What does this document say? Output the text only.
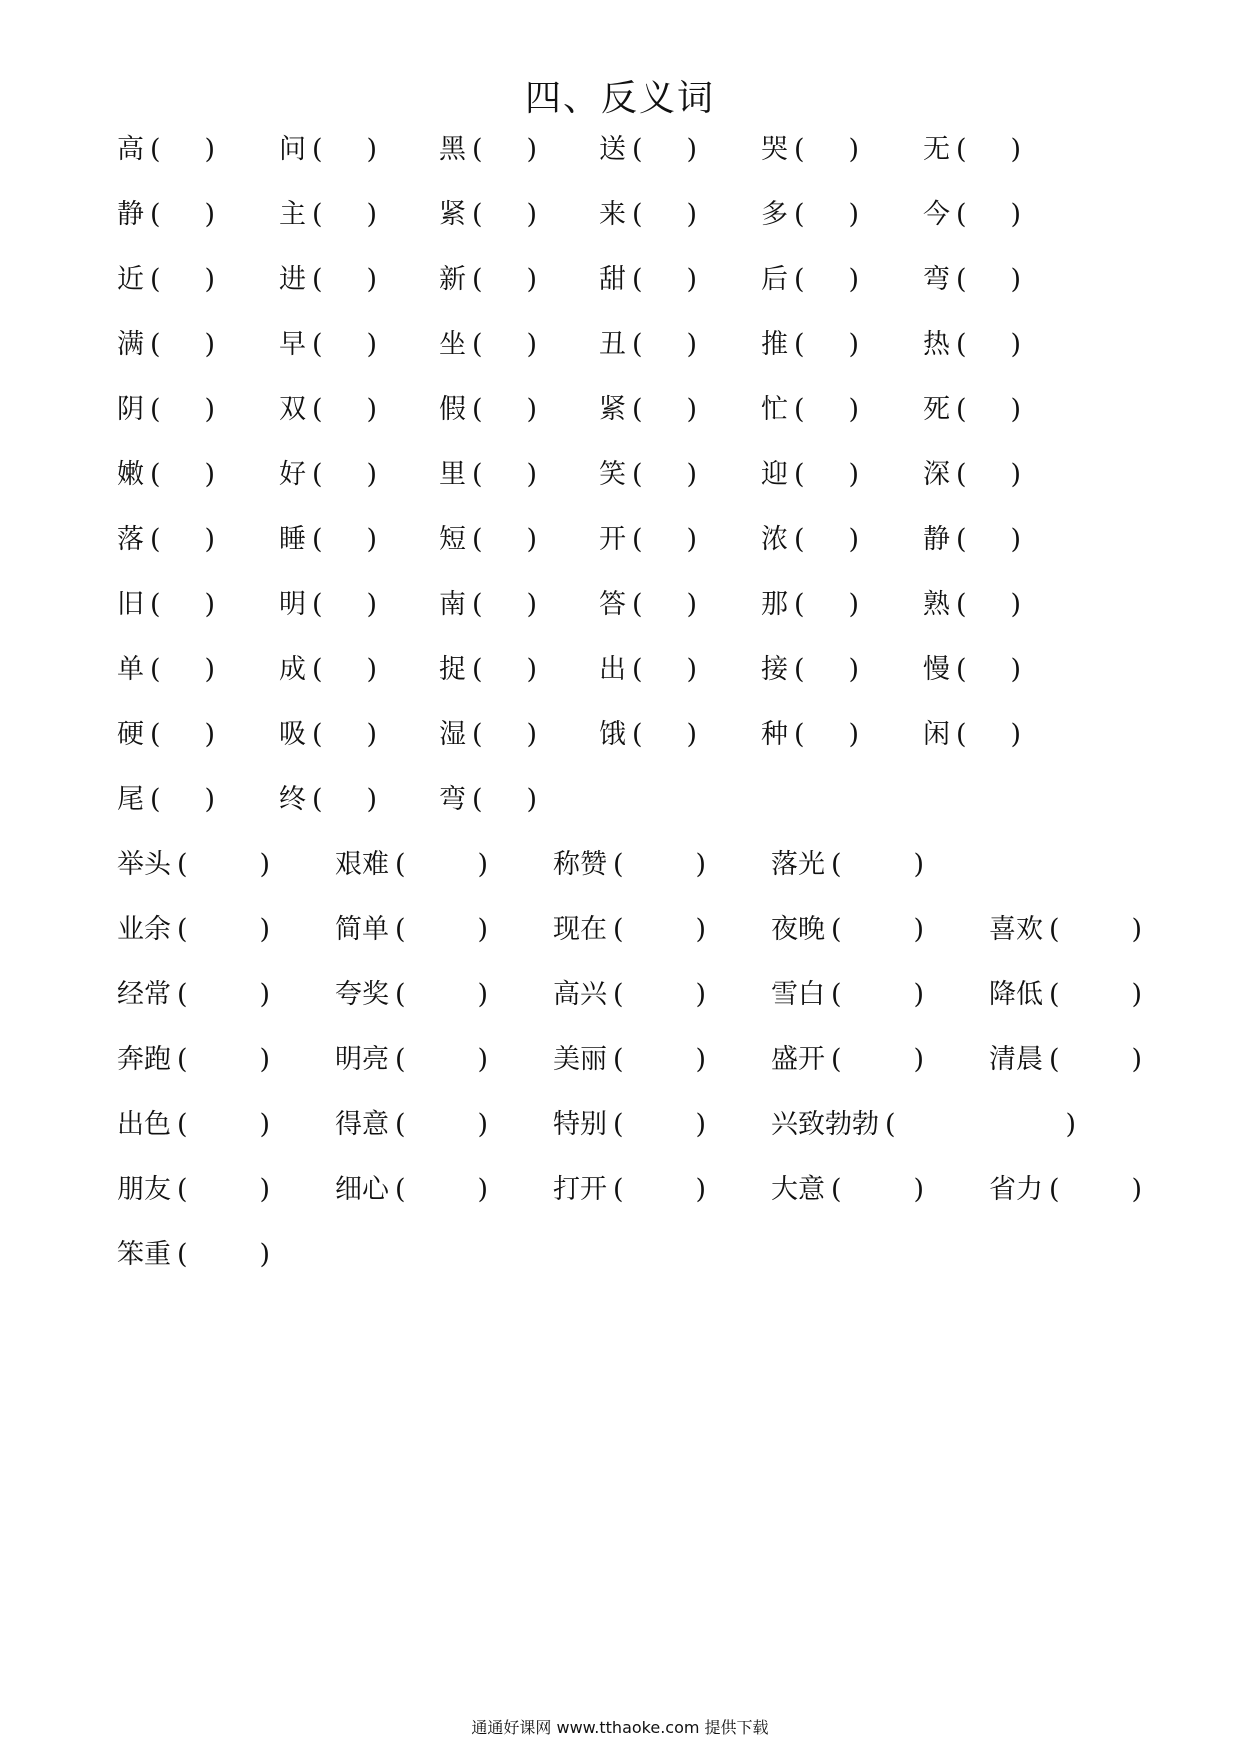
四、反义词
高 ( ) 问 ( ) 黑 ( ) 送 ( ) 哭 ( ) 无 ( )
静 ( ) 主 ( ) 紧 ( ) 来 ( ) 多 ( ) 今 ( )
近 ( ) 进 ( ) 新 ( ) 甜 ( ) 后 ( ) 弯 ( )
满 ( ) 早 ( ) 坐 ( ) 丑 ( ) 推 ( ) 热 ( )
阴 ( ) 双 ( ) 假 ( ) 紧 ( ) 忙 ( ) 死 ( )
嫩 ( ) 好 ( ) 里 ( ) 笑 ( ) 迎 ( ) 深 ( )
落 ( ) 睡 ( ) 短 ( ) 开 ( ) 浓 ( ) 静 ( )
旧 ( ) 明 ( ) 南 ( ) 答 ( ) 那 ( ) 熟 ( )
单 ( ) 成 ( ) 捉 ( ) 出 ( ) 接 ( ) 慢 ( )
硬 ( ) 吸 ( ) 湿 ( ) 饿 ( ) 种 ( ) 闲 ( )
尾 ( ) 终 ( ) 弯 ( )
举头 (	) 艰难 (	) 称赞 (	) 落光 (	)
业余 (	) 简单 (	) 现在 (	) 夜晚 (	) 喜欢 (	)
经常 (	) 夸奖 (	) 高兴 (	) 雪白 (	) 降低 (	)
奔跑 (	) 明亮 (	) 美丽 (	) 盛开 (	) 清晨 (	)
出色 (	) 得意 (	) 特别 (	) 兴致勃勃 (	)
朋友 (	) 细心 (	) 打开 (	) 大意 (	) 省力 (	)
笨重 (	)
通通好课网 www.tthaoke.com 提供下载
